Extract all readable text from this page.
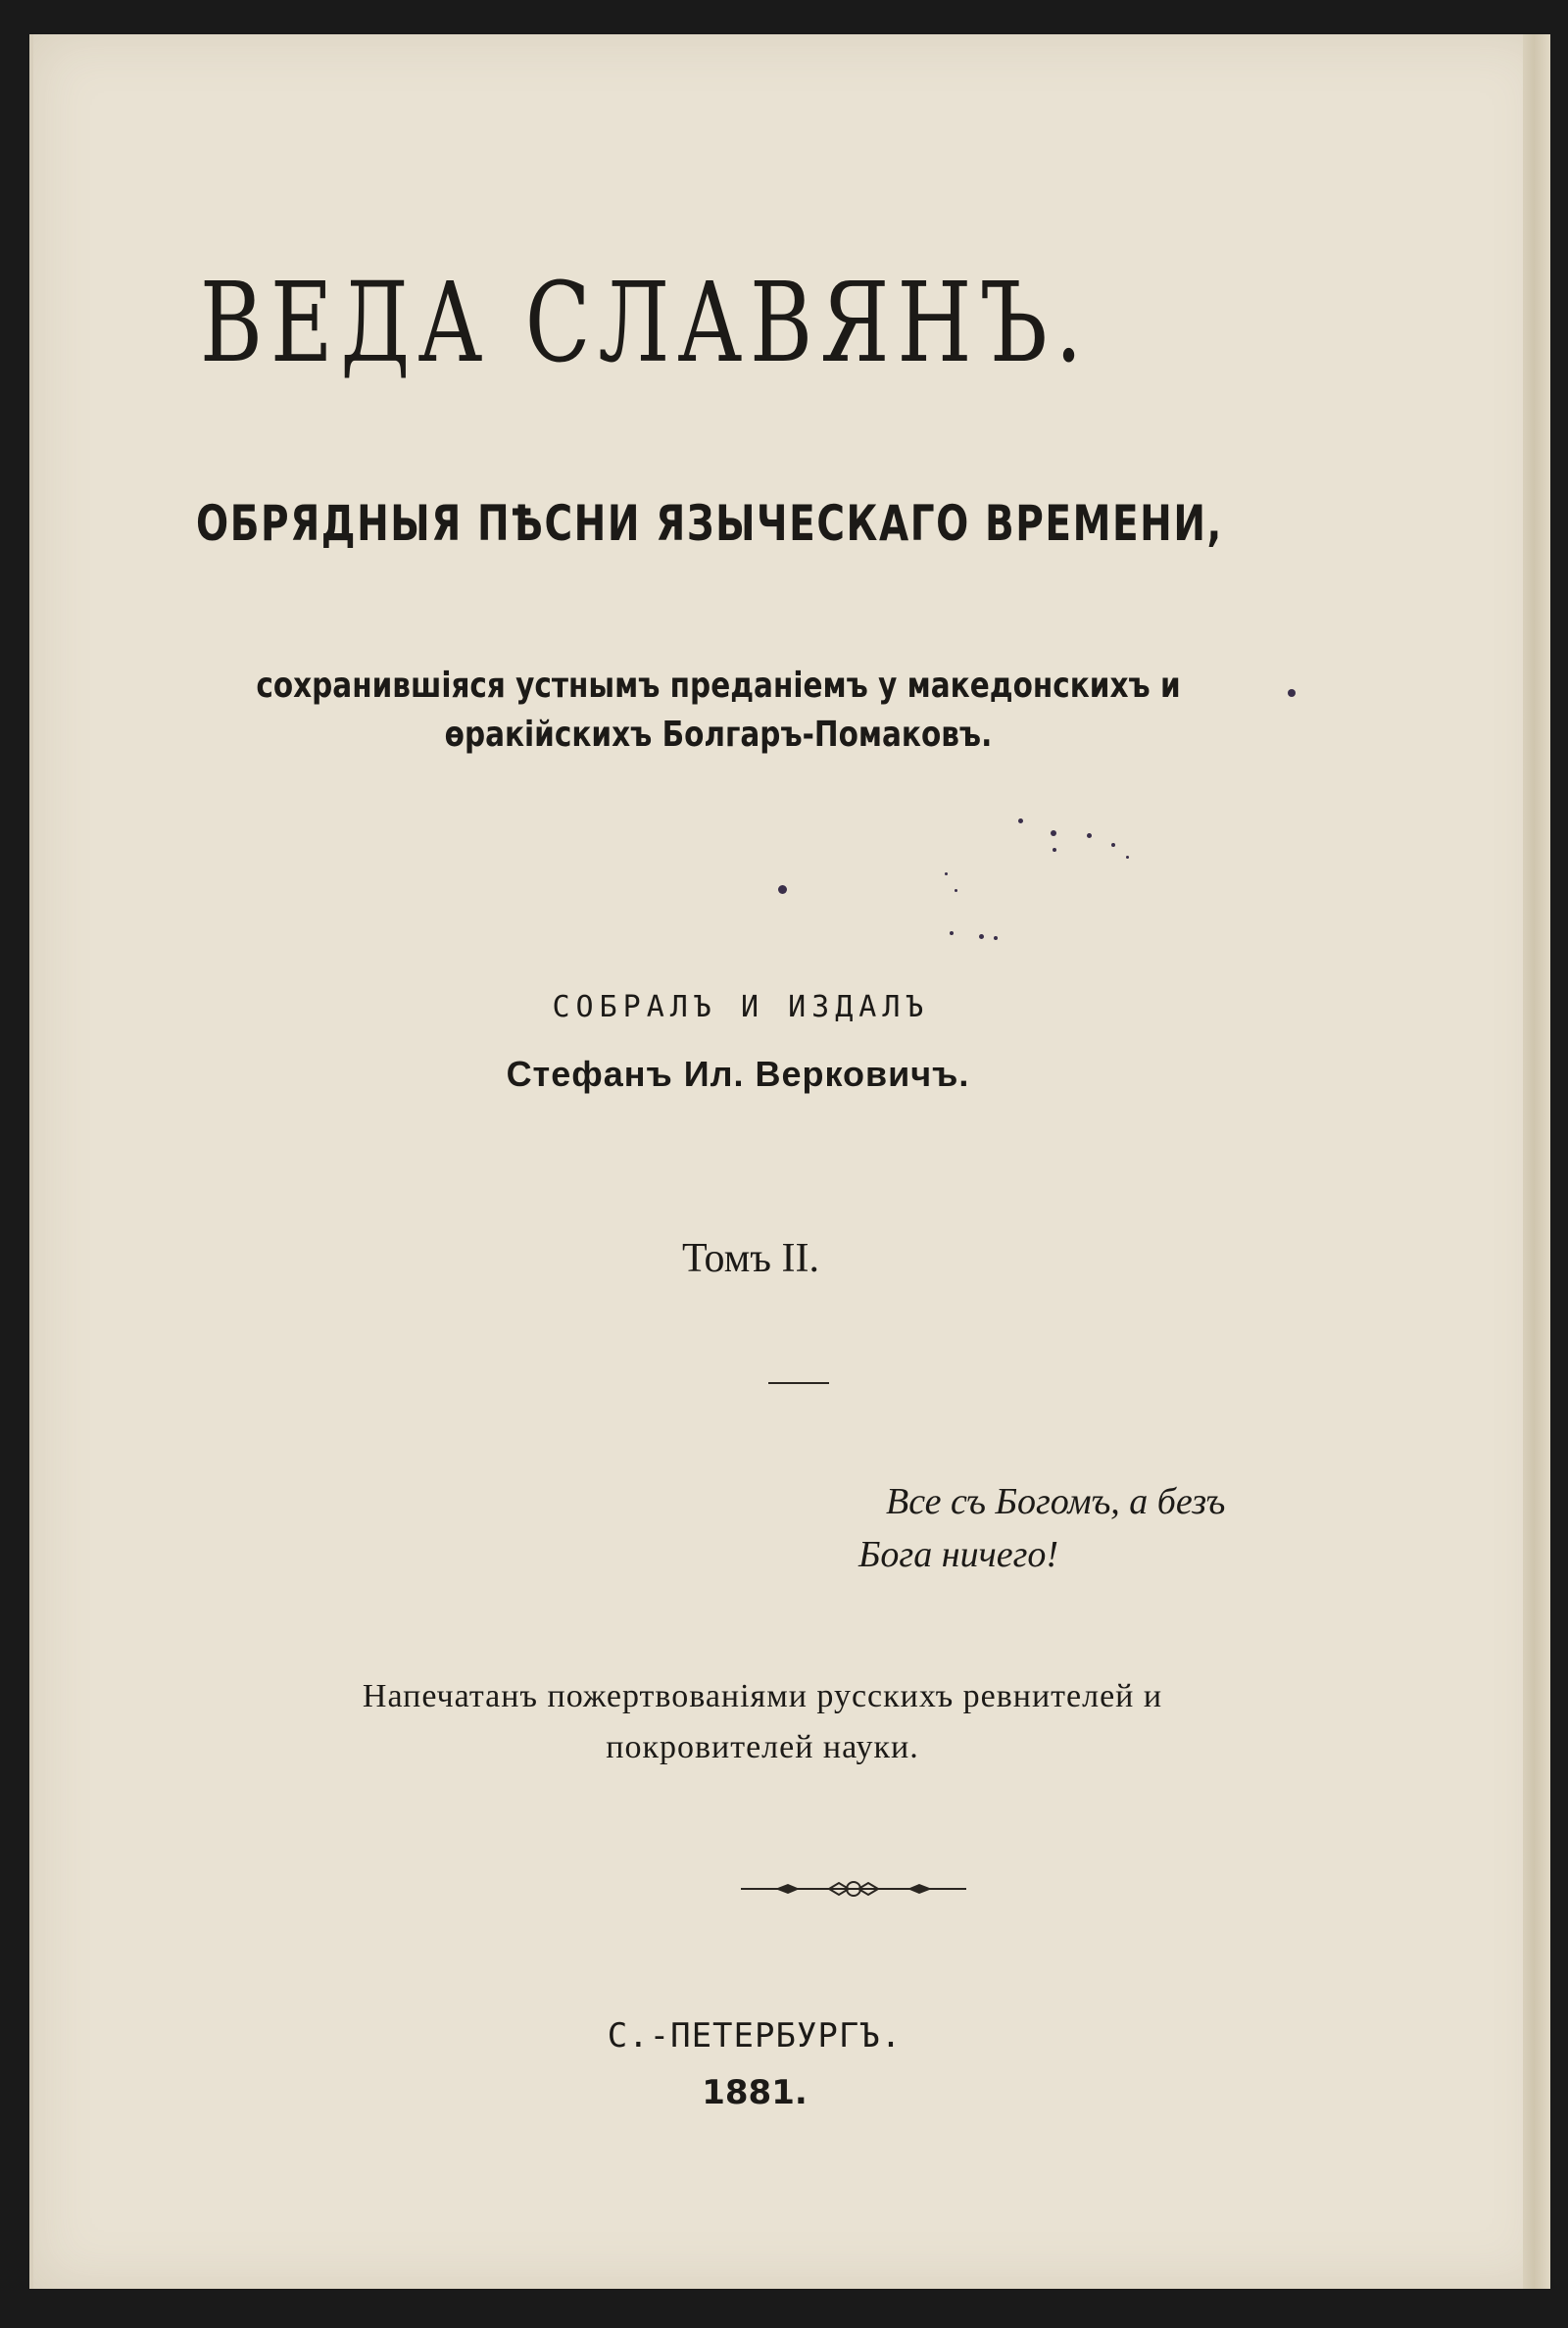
ВЕДА СЛАВЯНЪ.
ОБРЯДНЫЯ ПѢСНИ ЯЗЫЧЕСКАГО ВРЕМЕНИ,
сохранившіяся устнымъ преданіемъ у македонскихъ и
ѳракійскихъ Болгаръ-Помаковъ.
СОБРАЛЪ И ИЗДАЛЪ
Стефанъ Ил. Верковичъ.
Томъ II.
Все съ Богомъ, а безъ
Бога ничего!
Напечатанъ пожертвованіями русскихъ ревнителей и
покровителей науки.
С.-ПЕТЕРБУРГЪ.
1881.
